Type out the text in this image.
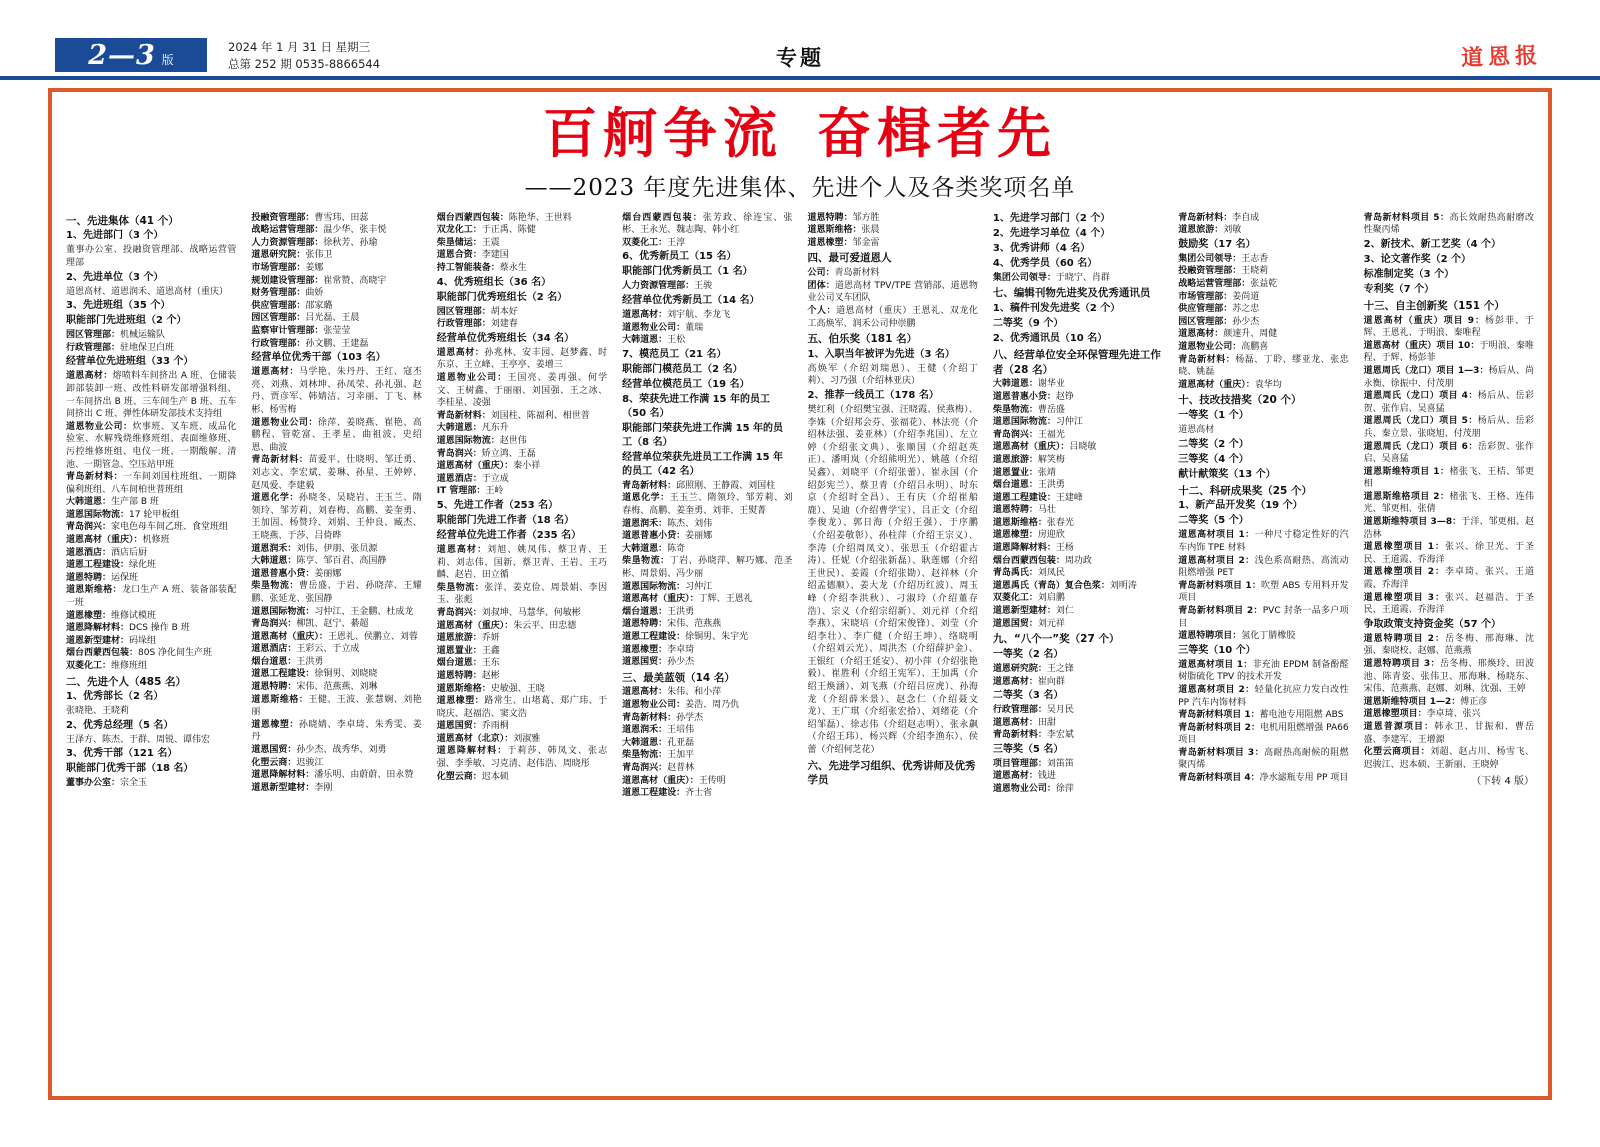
2—3 版
2024 年 1 月 31 日 星期三
总第 252 期 0535-8866544	专题	道恩报
百舸争流 奋楫者先
——2023 年度先进集体、先进个人及各类奖项名单

一、先进集体（41 个）

1、先进部门（3 个）

董事办公室、投融资管理部、战略运营管理部

2、先进单位（3 个）

道恩高材、道恩润禾、道恩高材（重庆）

3、先进班组（35 个）

职能部门先进班组（2 个）

园区管理部：机械运输队

行政管理部：驻地保卫白班

经营单位先进班组（33 个）

道恩高材：熔喷料车间挤出 A 班、仓储装卸部装卸一班、改性料研发部增强料组、一车间挤出 B 班、三车间生产 B 班、五车间挤出 C 班、弹性体研发部技术支持组

道恩物业公司：炊事班、叉车班、成品化验室、水解残烧维修班组、表面维修班、污控维修班组、电仪一班、一期酸解、清池、一期管急、空压站甲班

青岛新材料：一车间刘国柱班组、一期降偏利班组、八车间柏世普班组

大韩道恩：生产部 B 班

道恩国际物流：17 轮甲板组

青岛润兴：家电色母车间乙班、食堂班组

道恩高材（重庆）：机修班

道恩酒店：酒店后厨

道恩工程建设：绿化班

道恩特聘：运保班

道恩斯维格：龙口生产 A 班、装备部装配一班

道恩橡塑：维修试模班

道恩降解材料：DCS 操作 B 班

道恩新型建材：码垛组

烟台西蒙西包装：80S 净化间生产班

双菱化工：维修班组

二、先进个人（485 名）

1、优秀部长（2 名）

张晓艳、王晓莉

2、优秀总经理（5 名）

王泽方、陈杰、于群、周锐、谭伟宏

3、优秀干部（121 名）

职能部门优秀干部（18 名）

董事办公室：宗全玉

投融资管理部：曹雪玮、田蕊

战略运营管理部：温少华、张丰悦

人力资源管理部：徐秋芳、孙瑜

道恩研究院：张伟卫

市场管理部：姜娜

规划建设管理部：崔常赞、高晓宇

财务管理部：曲娇

供应管理部：邵家璐

园区管理部：吕光磊、王晨

监察审计管理部：张莹莹

行政管理部：孙文鹏、王建磊

经营单位优秀干部（103 名）

道恩高材：马学艳、朱丹丹、王红、寇丕亮、刘燕、刘林坤、孙凤荣、孙礼强、赵丹、贾彦军、韩婧洁、习幸丽、丁飞、林彬、杨雪梅

道恩物业公司：徐萍、姜晓燕、崔艳、高鹏程、管乾富、王孝星、曲祖波、史绍恩、曲波

青岛新材料：苗爱平、仕晓明、邹迁勇、刘志文、李宏斌、姜琳、孙星、王婷婷、赵凤爱、李建毅

道恩化学：孙晓冬、吴晓岩、王玉兰、隋领玲、邹芳莉、刘春梅、高鹏、姜奎勇、王加固、杨赞玲、刘娟、王仲良、臧杰、王晓燕、于莎、吕倚晔

道恩润禾：刘伟、伊朋、张员源

大韩道恩：陈亨、邹百君、高国静

道恩普惠小贷：姜丽娜

柴垦物流：曹岳盛、于岩、孙晓萍、王耀鹏、张延龙、张国静

道恩国际物流：习仲江、王金鹏、杜成龙

青岛润兴：柳凯、赵宁、綦超

道恩高材（重庆）：王恩礼、侯鹏立、刘蓉

道恩酒店：王彩云、于立成

烟台道恩：王洪勇

道恩工程建设：徐铜男、刘晓晓

道恩特聘：宋伟、范燕燕、刘琳

道恩斯维格：王健、王波、张慧娴、刘艳丽

道恩橡塑：孙晓婧、李卓琦、朱秀雯、姜丹

道恩国贸：孙少杰、战秀华、刘勇

化塑云商：迟骏江

道恩降解材料：潘乐明、由蔚蔚、田永赞

道恩新型建材：李刚

烟台西蒙西包装：陈艳华、王世料

双龙化工：于正禹、陈健

柴垦储运：王震

道恩合资：李建国

持工智能装备：蔡永生

4、优秀班组长（36 名）

职能部门优秀班组长（2 名）

园区管理部：胡本好

行政管理部：刘建春

经营单位优秀班组长（34 名）

道恩高材：孙兆林、安丰园、赵梦鑫、时东京、王立峰、王亭亭、姜增三

道恩物业公司：王国亮、姜再强、何学文、王树鑫、于丽丽、刘国强、王之冰、李桂星、凌强

青岛新材料：刘国柱、陈福利、相世普

大韩道恩：凡东升

道恩国际物流：赵世伟

青岛润兴：矫立鸿、王磊

道恩高材（重庆）：秦小祥

道恩酒店：于立成

IT 管理部：王岭

5、先进工作者（253 名）

职能部门先进工作者（18 名）

经营单位先进工作者（235 名）

道恩高材：刘旭、姚凤伟、蔡卫青、王莉、刘志伟、国新、蔡卫青、王岩、王巧麟、赵岩、田立循

柴垦物流：张洋、姜克俭、周景娟、李因玉、张彪

青岛润兴：刘叔坤、马慧华、何敏彬

道恩高材（重庆）：朱云平、田忠德

道恩旅游：乔妍

道恩置业：王鑫

烟台道恩：王东

道恩特聘：赵彬

道恩斯维格：史敏强、王晓

道恩橡塑：路常生、山堵葛、郑广玮、于晓庆、赵福浩、窦文浩

道恩国贸：乔雨桐

道恩高材（北京）：刘淑雅

道恩降解材料：于莉莎、韩凤文、张志强、李季敏、习克清、赵伟浩、周晓彤

化塑云商：迟本硕

烟台西蒙西包装：张芳政、徐连宝、张彬、王永光、魏志陶、韩小红

双菱化工：王淳

6、优秀新员工（15 名）

职能部门优秀新员工（1 名）

人力资源管理部：王骏

经营单位优秀新员工（14 名）

道恩高材：刘宇航、李龙飞

道恩物业公司：董瑞

大韩道恩：王松

7、模范员工（21 名）

职能部门模范员工（2 名）

经营单位模范员工（19 名）

8、荣获先进工作满 15 年的员工（50 名）

职能部门荣获先进工作满 15 年的员工（8 名）

经营单位荣获先进员工工作满 15 年的员工（42 名）

青岛新材料：邱照刚、王静霞、刘国柱

道恩化学：王玉兰、隋领玲、邹芳莉、刘春梅、高鹏、姜奎勇、刘菲、王熨菁

道恩润禾：陈杰、刘伟

道恩普惠小贷：姜丽娜

大韩道恩：陈奇

柴垦物流：丁岩、孙晓萍、解巧娜、范圣彬、周景娟、冯少丽

道恩国际物流：习仲江

道恩高材（重庆）：丁辉、王恩礼

烟台道恩：王洪勇

道恩特聘：宋伟、范燕燕

道恩工程建设：徐铜男、朱宇光

道恩橡塑：李卓琦

道恩国贸：孙少杰

三、最美蓝领（14 名）

道恩高材：朱伟、和小萍

道恩物业公司：姜浩、周乃仇

青岛新材料：孙学杰

道恩润禾：王培伟

大韩道恩：孔亚磊

柴垦物流：王加平

青岛润兴：赵普林

道恩高材（重庆）：王传明

道恩工程建设：齐士省

道恩特聘：邹方胜

道恩斯维格：张晨

道恩橡塑：邹金雷

四、最可爱道恩人

公司：青岛新材料

团体：道恩高材 TPV/TPE 营销部、道恩物业公司叉车团队

个人：道恩高材（重庆）王恩礼、双龙化工高焕军、润禾公司仲崇鹏

五、伯乐奖（181 名）

1、入职当年被评为先进（3 名）

高焕军（介绍刘瑞恩）、王健（介绍丁莉）、习乃强（介绍林亚庆）

2、推荐一线员工（178 名）

樊红利（介绍樊宝强、汪晓霞、侯燕梅）、李姝（介绍邦会芬、张福花）、林法亮（介绍林法强、姜亚林）（介绍李兆国）、左立婷（介绍张文典）、张顺国（介绍赵英正）、潘明岚（介绍熊明光）、姚越（介绍吴鑫）、刘晓平（介绍张蕾）、崔永国（介绍彭宪兰）、蔡卫青（介绍吕永明）、时东京（介绍时全昌）、王有庆（介绍崔船鹿）、吴迪（介绍曹学宝）、吕正文（介绍李俊龙）、郭日海（介绍王强）、于序鹏（介绍姜敬彰）、孙柱萍（介绍王宗义）、李涛（介绍周凤文）、张思玉（介绍霍古涛）、任妮（介绍张新磊）、耿莲娜（介绍王世民）、姜霞（介绍张勘）、赵祥林（介绍孟德顺）、姜大龙（介绍历红波）、周玉峰（介绍李洪秋）、刁淑玲（介绍董存浩）、宗义（介绍宗绍新）、刘元祥（介绍李燕）、宋晓培（介绍宋俊锋）、刘莹（介绍李壮）、李广健（介绍王坤）、络晓明（介绍刘云光）、周洪杰（介绍薛护金）、王银红（介绍王延安）、初小萍（介绍张艳毅）、崔胜利（介绍王宪军）、王加禹（介绍王焕涵）、刘飞燕（介绍吕应虎）、孙海龙（介绍薛米景）、赵念仁（介绍聂文龙）、王广琪（介绍张宏拾）、刘绪花（介绍邹磊）、徐志伟（介绍赵志明）、张永飙（介绍王玮）、杨兴辉（介绍李渔东）、侯蕾（介绍何芝花）

六、先进学习组织、优秀讲师及优秀学员

1、先进学习部门（2 个）

2、先进学习单位（4 个）

3、优秀讲师（4 名）

4、优秀学员（60 名）

集团公司领导：于晓宁、肖群

七、编辑刊物先进奖及优秀通讯员

1、稿件刊发先进奖（2 个）

二等奖（9 个）

2、优秀通讯员（10 名）

八、经营单位安全环保管理先进工作者（28 名）

大韩道恩：谢华业

道恩普惠小贷：赵铮

柴垦物流：曹岳盛

道恩国际物流：习仲江

青岛润兴：王福光

道恩高材（重庆）：吕晓敏

道恩旅游：解笑梅

道恩置业：张靖

烟台道恩：王洪勇

道恩工程建设：王建峰

道恩特聘：马壮

道恩斯维格：张春光

道恩橡塑：房迎欣

道恩降解材料：王杨

烟台西蒙西包装：周功政

青岛禹氏：刘凤民

道恩禹氏（青岛）复合色浆：刘明涛

双菱化工：刘启鹏

道恩新型建材：刘仁

道恩国贸：刘元祥

九、“八个一”奖（27 个）

一等奖（2 名）

道恩研究院：王之锋

道恩高材：崔向群

二等奖（3 名）

行政管理部：吴月民

道恩高材：田甜

青岛新材料：李宏斌

三等奖（5 名）

项目管理部：刘笛笛

道恩高材：钱进

道恩物业公司：徐萍

青岛新材料：李自成

道恩旅游：刘敏

鼓励奖（17 名）

集团公司领导：王志香

投融资管理部：王晓莉

战略运营管理部：张益乾

市场管理部：姜尚道

供应管理部：苏之忠

园区管理部：孙少杰

道恩高材：颜速升、周健

道恩物业公司：高鹏喜

青岛新材料：杨磊、丁聆、缪亚龙、张忠晓、姚磊

道恩高材（重庆）：袁华均

十、技改技措奖（20 个）

一等奖（1 个）

道恩高材

二等奖（2 个）

三等奖（4 个）

献计献策奖（13 个）

十二、科研成果奖（25 个）

1、新产品开发奖（19 个）

二等奖（5 个）

道恩高材项目 1：一种尺寸稳定性好的汽车内饰 TPE 材料

道恩高材项目 2：浅色系高耐热、高流动阻燃增强 PET

青岛新材料项目 1：吹塑 ABS 专用料开发项目

青岛新材料项目 2：PVC 封条一品多户项目

道恩特聘项目：氢化丁腈橡胶

三等奖（10 个）

道恩高材项目 1：非充油 EPDM 制备酚醛树脂硫化 TPV 的技术开发

道恩高材项目 2：轻量化抗应力发白改性 PP 汽车内饰材料

青岛新材料项目 1：蓄电池专用阻燃 ABS

青岛新材料项目 2：电机用阻燃增强 PA66 项目

青岛新材料项目 3：高耐热高耐候的阻燃聚丙烯

青岛新材料项目 4：净水滤瓶专用 PP 项目

青岛新材料项目 5：高长效耐热高耐磨改性聚丙烯

2、新技术、新工艺奖（4 个）

3、论文著作奖（2 个）

标准制定奖（3 个）

专利奖（7 个）

十三、自主创新奖（151 个）

道恩高材（重庆）项目 9：杨彭菲、于辉、王恩礼、于明浪、秦唯程

道恩高材（重庆）项目 10：于明浪、秦唯程、于辉、杨彭菲

道恩周氏（龙口）项目 1—3：杨后从、尚永衡、徐振中、付茂朋

道恩周氏（龙口）项目 4：杨后从、岳彩贺、张作启、吴喜猛

道恩周氏（龙口）项目 5：杨后从、岳彩兵、秦立景、张晓旭、付茂朋

道恩周氏（龙口）项目 6：岳彩贺、张作启、吴喜猛

道恩斯维特项目 1：楮张飞、王桔、邹更相

道恩斯维格项目 2：楮张飞、王格、连伟光、邹更相、张倩

道恩斯维特项目 3—8：于洋、邹更相、赵浩林

道恩橡塑项目 1：张兴、徐卫光、于圣民、王道霞、乔海洋

道恩橡塑项目 2：李卓琦、张兴、王道霞、乔海洋

道恩橡塑项目 3：张兴、赵福浩、于圣民、王道霞、乔海洋

争取政策支持资金奖（57 个）

道恩特聘项目 2：岳冬梅、邢海琳、沈强、秦晓校、赵娜、范燕燕

道恩特聘项目 3：岳冬梅、邢焕玲、田波池、陈青姿、张伟卫、邢海琳、杨晓东、宋伟、范燕燕、赵娜、刘琳、沈强、王婷

道恩斯维特项目 1—2：傅正彦

道恩橡塑项目：李卓琦、张兴

道恩普源项目：韩永卫、甘振和、曹岳盛、李建军、王增源

化塑云商项目：刘超、赵占川、杨雪飞、迟骏江、迟本硕、王新丽、王晓婷

（下转 4 版）
